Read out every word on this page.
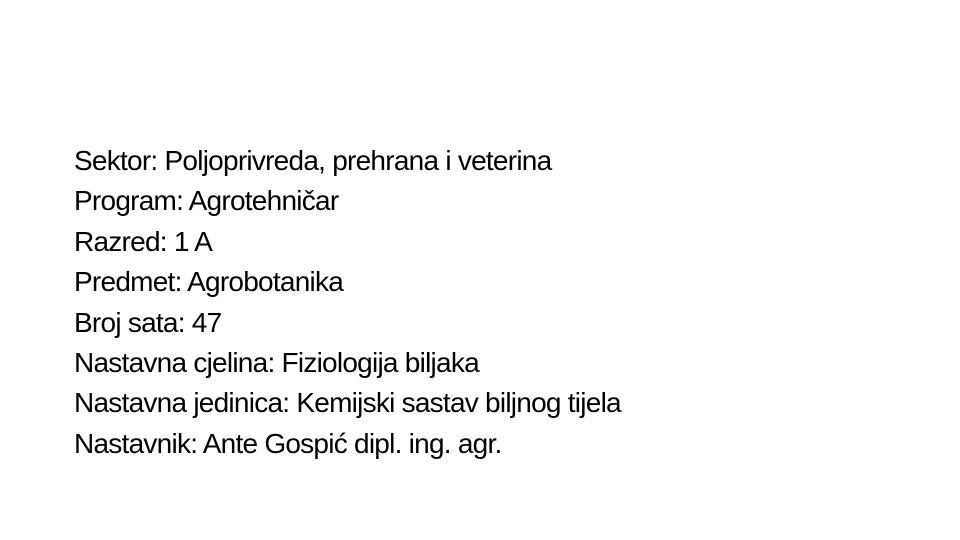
Sektor: Poljoprivreda, prehrana i veterina
Program: Agrotehničar
Razred: 1 A
Predmet: Agrobotanika
Broj sata: 47
Nastavna cjelina: Fiziologija biljaka
Nastavna jedinica: Kemijski sastav biljnog tijela
Nastavnik: Ante Gospić dipl. ing. agr.
